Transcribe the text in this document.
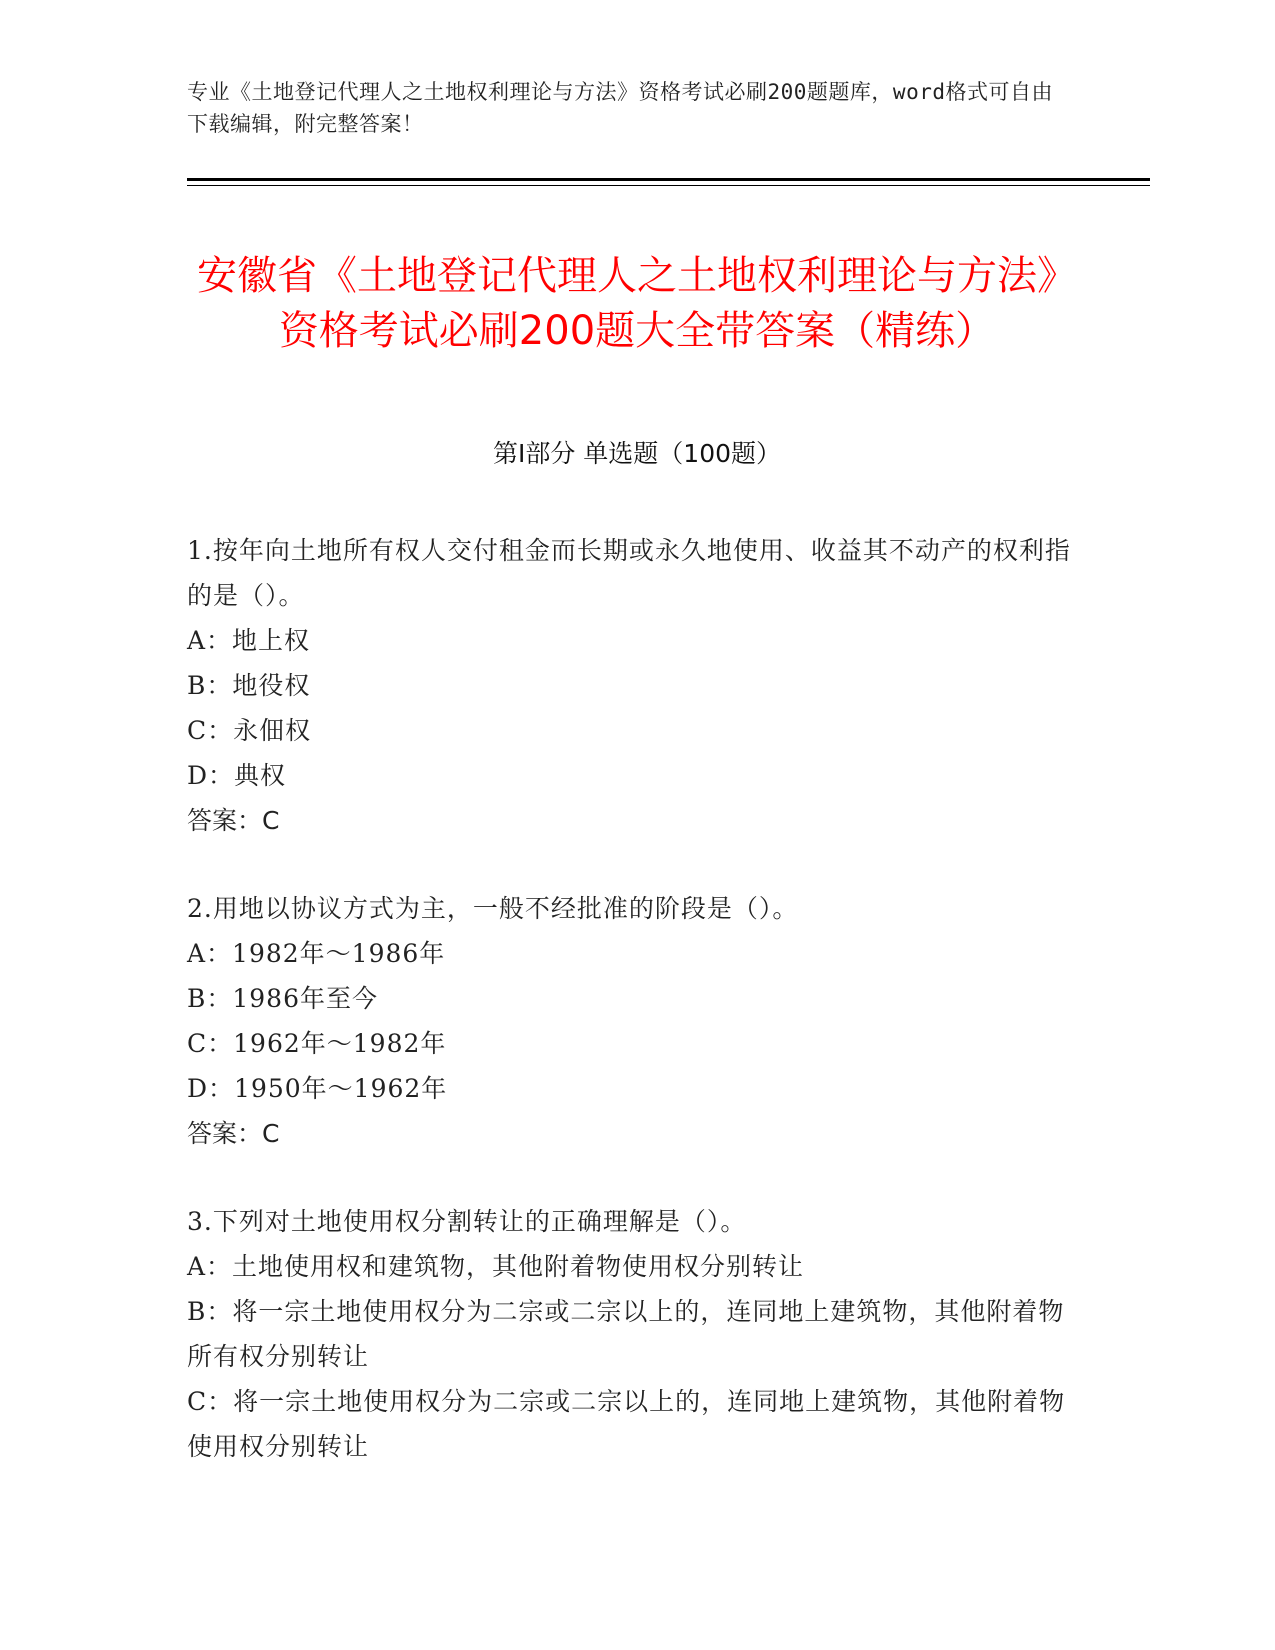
专业《土地登记代理人之土地权利理论与方法》资格考试必刷200题题库，word格式可自由下载编辑，附完整答案！
安徽省《土地登记代理人之土地权利理论与方法》资格考试必刷200题大全带答案（精练）
第Ⅰ部分 单选题（100题）
1.按年向土地所有权人交付租金而长期或永久地使用、收益其不动产的权利指的是（）。
A：地上权
B：地役权
C：永佃权
D：典权
答案：C
2.用地以协议方式为主，一般不经批准的阶段是（）。
A：1982年～1986年
B：1986年至今
C：1962年～1982年
D：1950年～1962年
答案：C
3.下列对土地使用权分割转让的正确理解是（）。
A：土地使用权和建筑物，其他附着物使用权分别转让
B：将一宗土地使用权分为二宗或二宗以上的，连同地上建筑物，其他附着物所有权分别转让
C：将一宗土地使用权分为二宗或二宗以上的，连同地上建筑物，其他附着物使用权分别转让
